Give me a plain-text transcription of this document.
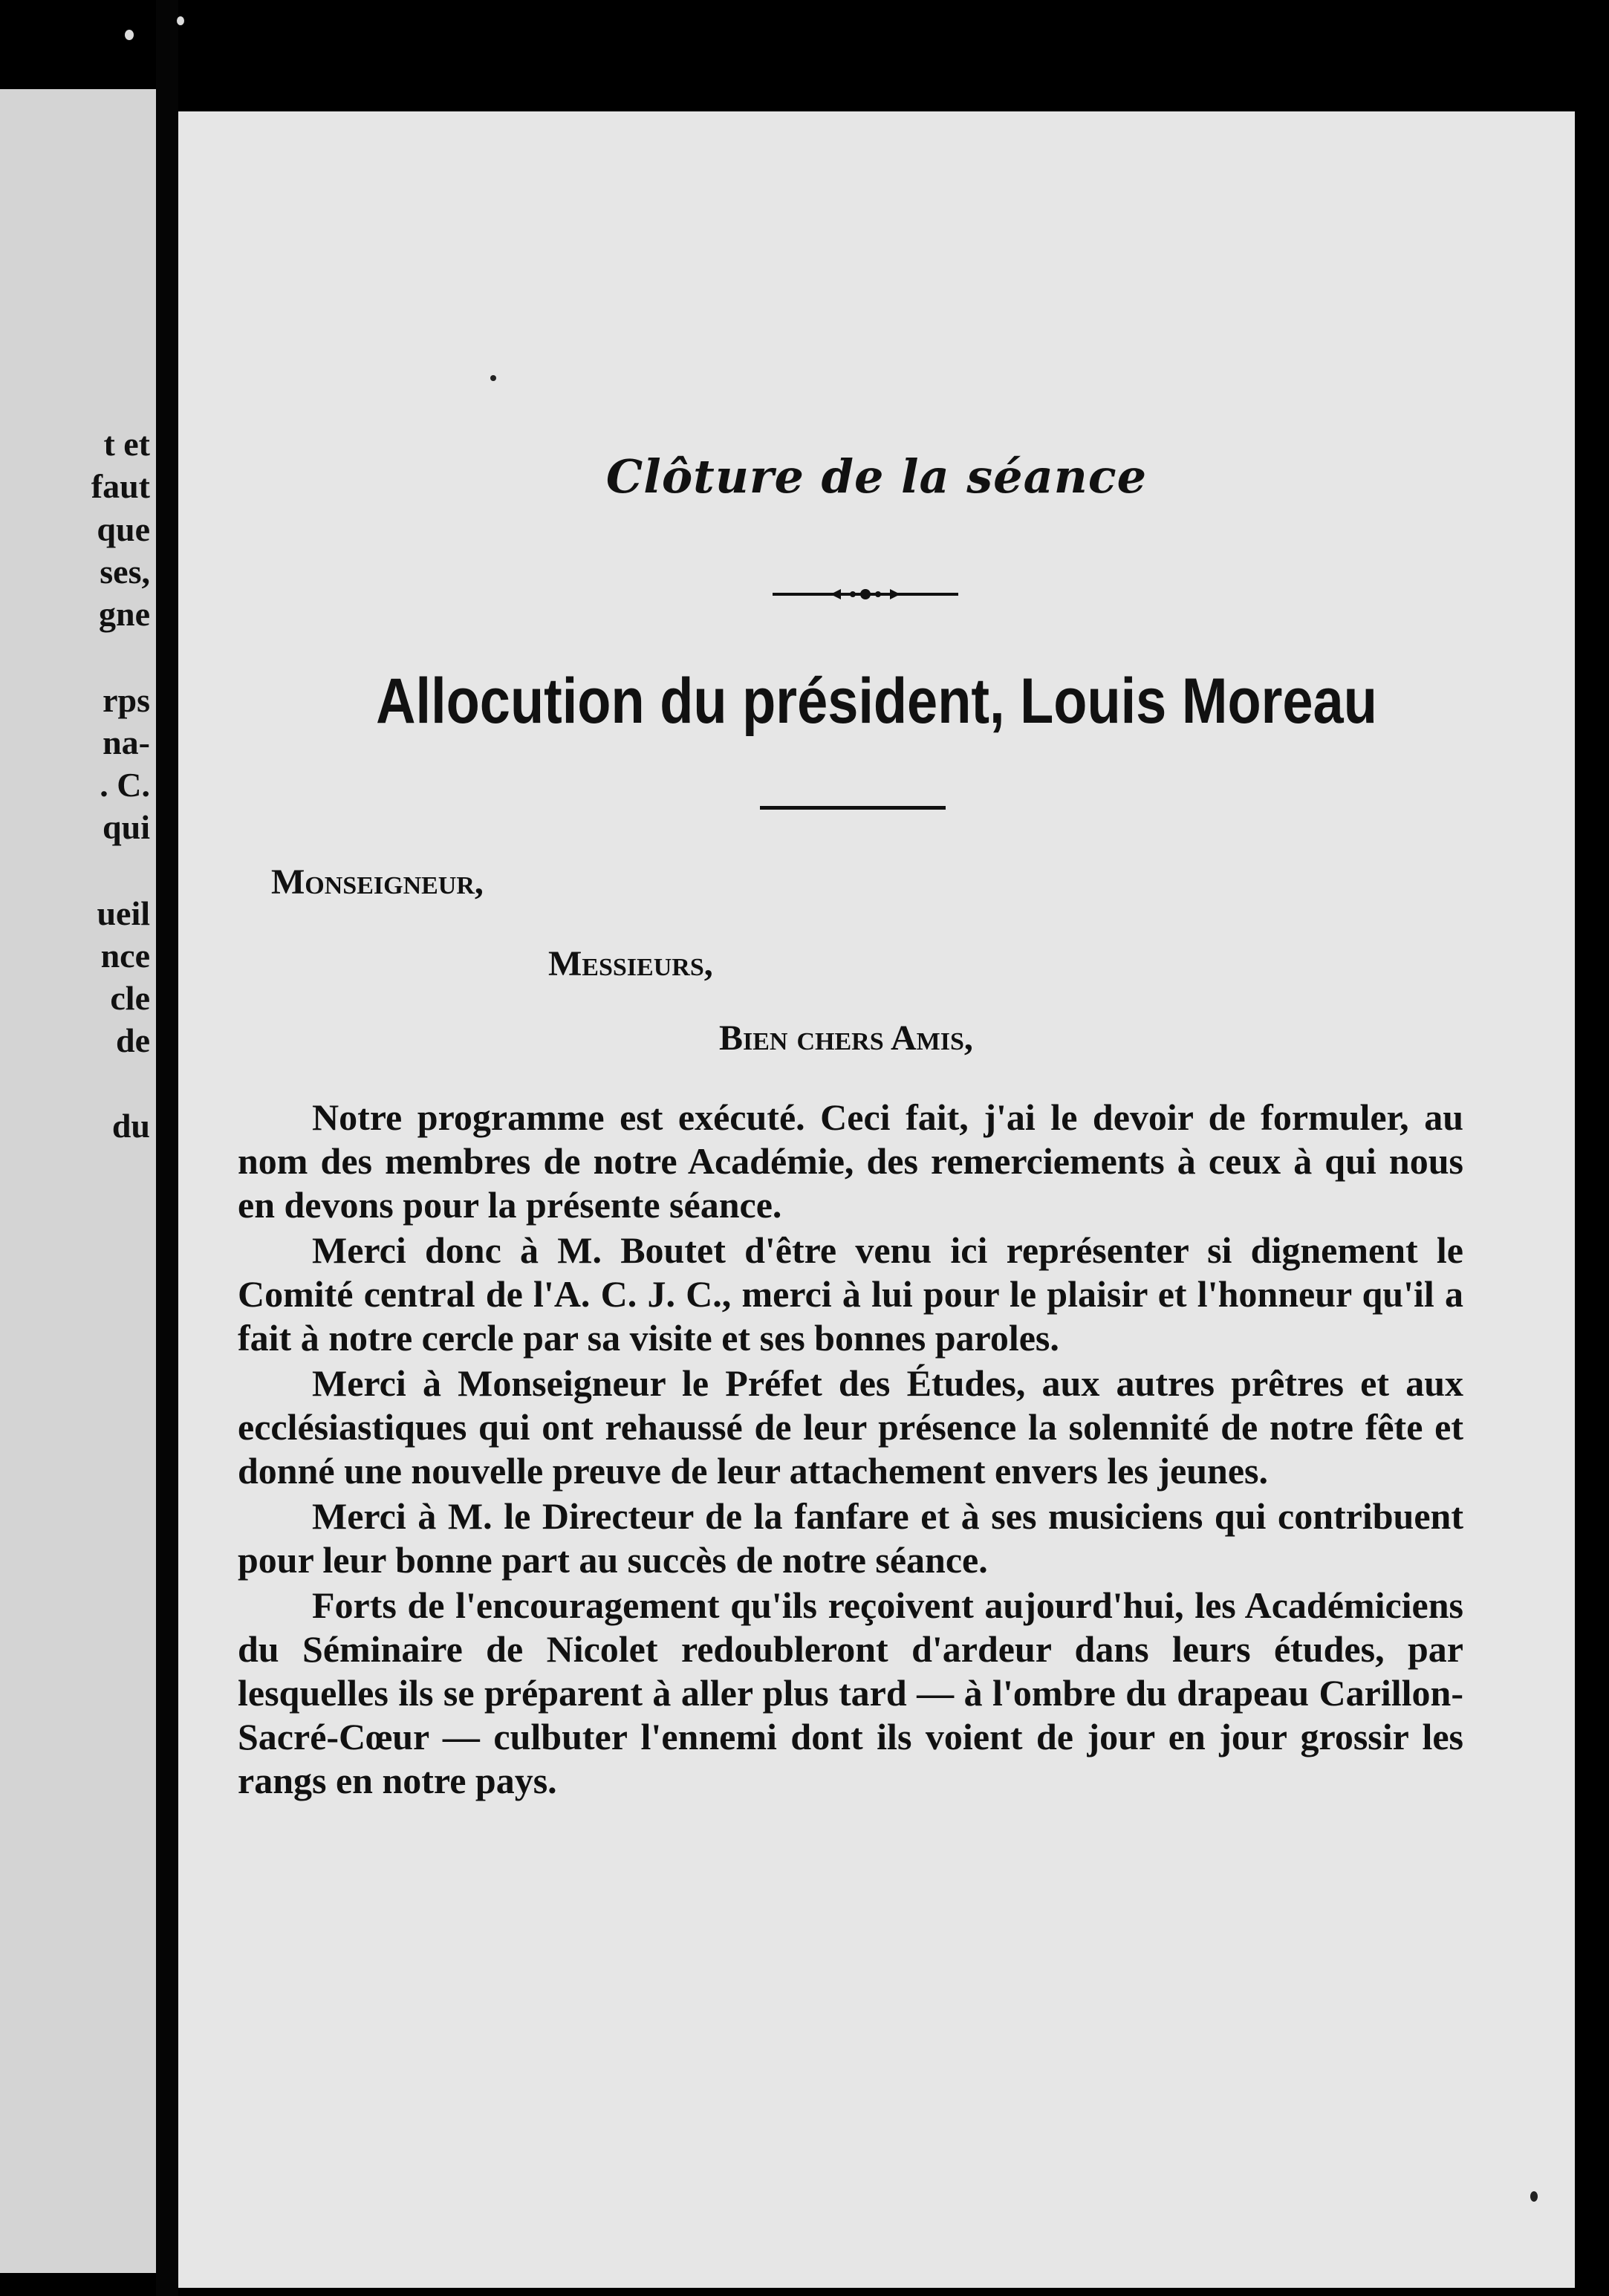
t et
faut
que
ses,
gne
rps
na-
. C.
qui
ueil
nce
cle
de
du
Clôture de la séance
Allocution du président, Louis Moreau
Monseigneur,
Messieurs,
Bien chers Amis,

Notre programme est exécuté. Ceci fait, j'ai le devoir de formuler, au nom des membres de notre Académie, des remerciements à ceux à qui nous en devons pour la présente séance.

Merci donc à M. Boutet d'être venu ici représenter si dignement le Comité central de l'A. C. J. C., merci à lui pour le plaisir et l'honneur qu'il a fait à notre cercle par sa visite et ses bonnes paroles.

Merci à Monseigneur le Préfet des Études, aux autres prêtres et aux ecclésiastiques qui ont rehaussé de leur présence la solennité de notre fête et donné une nouvelle preuve de leur attachement envers les jeunes.

Merci à M. le Directeur de la fanfare et à ses musiciens qui contribuent pour leur bonne part au succès de notre séance.

Forts de l'encouragement qu'ils reçoivent aujourd'hui, les Académiciens du Séminaire de Nicolet redoubleront d'ardeur dans leurs études, par lesquelles ils se préparent à aller plus tard — à l'ombre du drapeau Carillon-Sacré-Cœur — culbuter l'ennemi dont ils voient de jour en jour grossir les rangs en notre pays.
